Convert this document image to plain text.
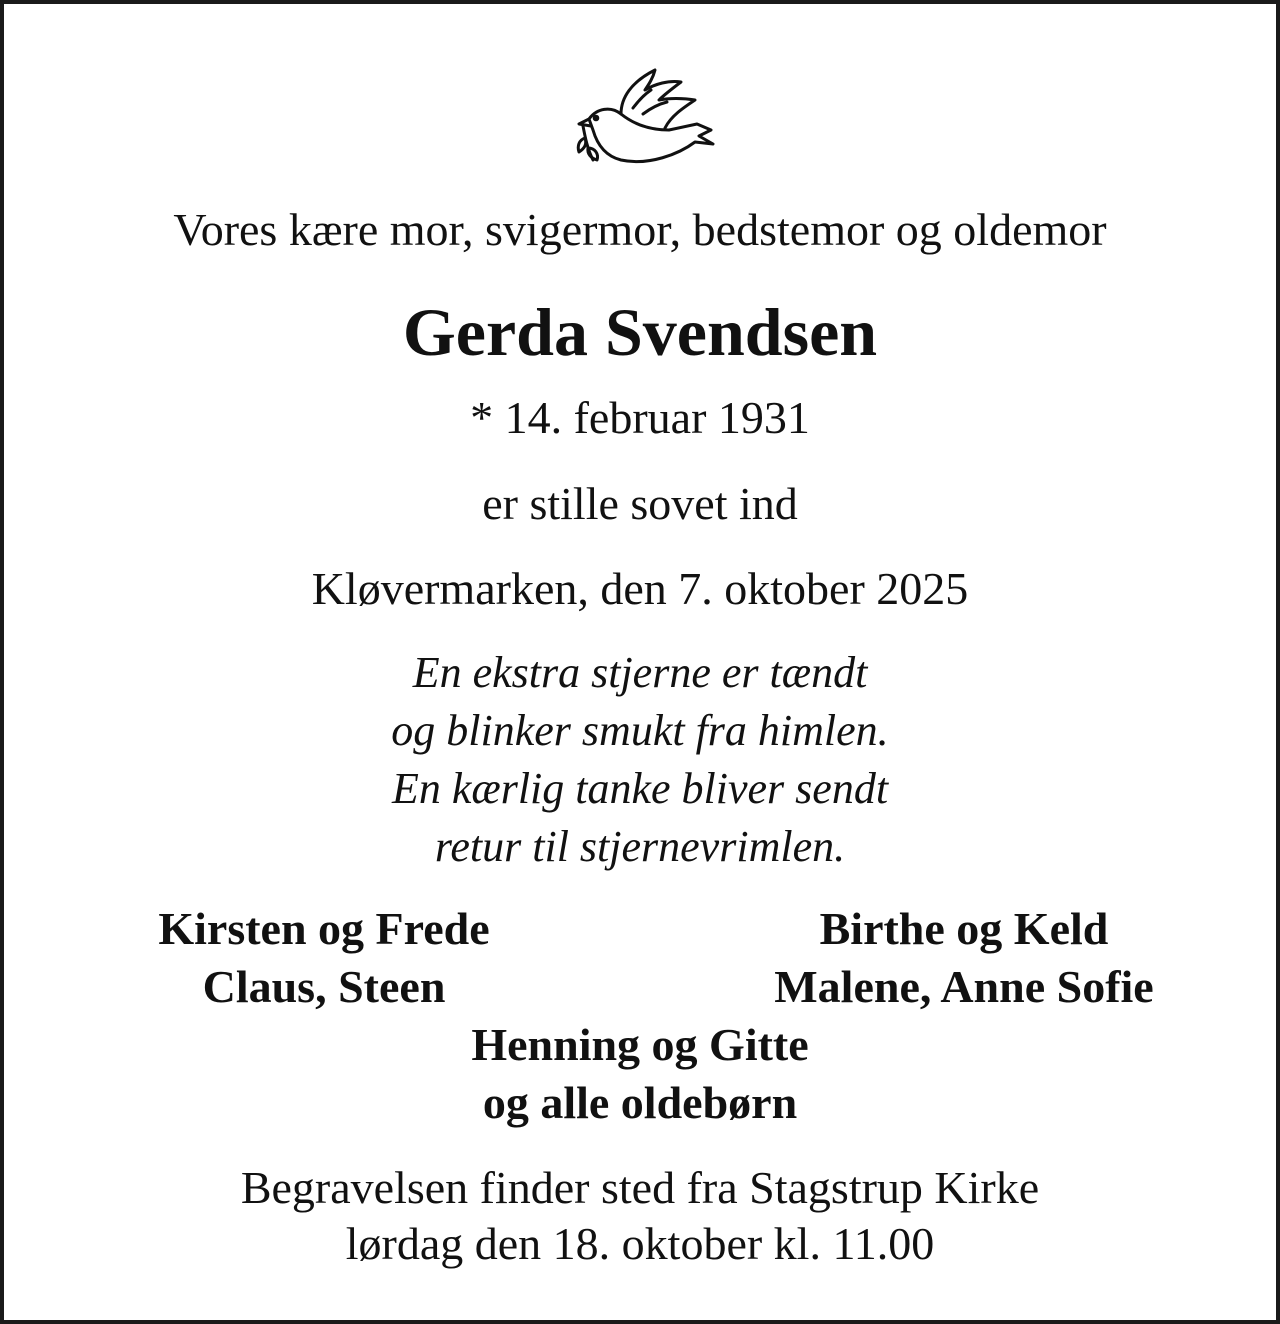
Vores kære mor, svigermor, bedstemor og oldemor
Gerda Svendsen
* 14. februar 1931
er stille sovet ind
Kløvermarken, den 7. oktober 2025
En ekstra stjerne er tændt
og blinker smukt fra himlen.
En kærlig tanke bliver sendt
retur til stjernevrimlen.
Kirsten og Frede
Claus, Steen
Birthe og Keld
Malene, Anne Sofie
Henning og Gitte
og alle oldebørn
Begravelsen finder sted fra Stagstrup Kirke
lørdag den 18. oktober kl. 11.00
